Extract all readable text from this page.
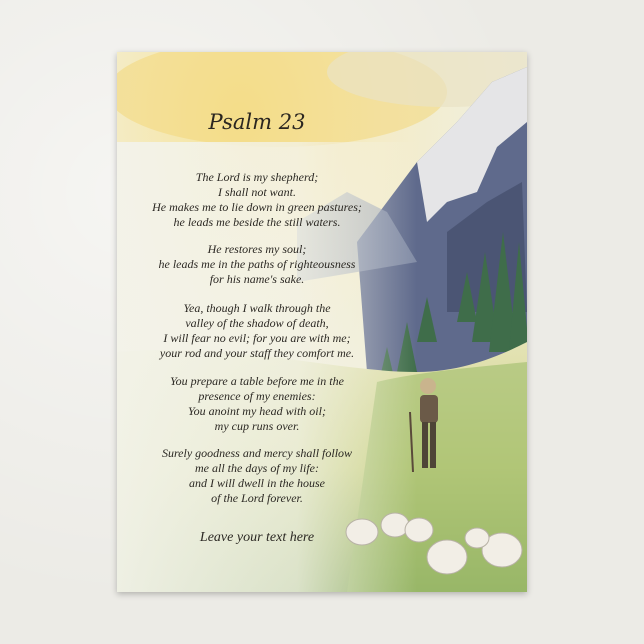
Psalm 23
The Lord is my shepherd;
I shall not want.
He makes me to lie down in green pastures;
he leads me beside the still waters.
He restores my soul;
he leads me in the paths of righteousness
for his name's sake.
Yea, though I walk through the
valley of the shadow of death,
I will fear no evil; for you are with me;
your rod and your staff they comfort me.
You prepare a table before me in the
presence of my enemies:
You anoint my head with oil;
my cup runs over.
Surely goodness and mercy shall follow
me all the days of my life:
and I will dwell in the house
of the Lord forever.
Leave your text here
